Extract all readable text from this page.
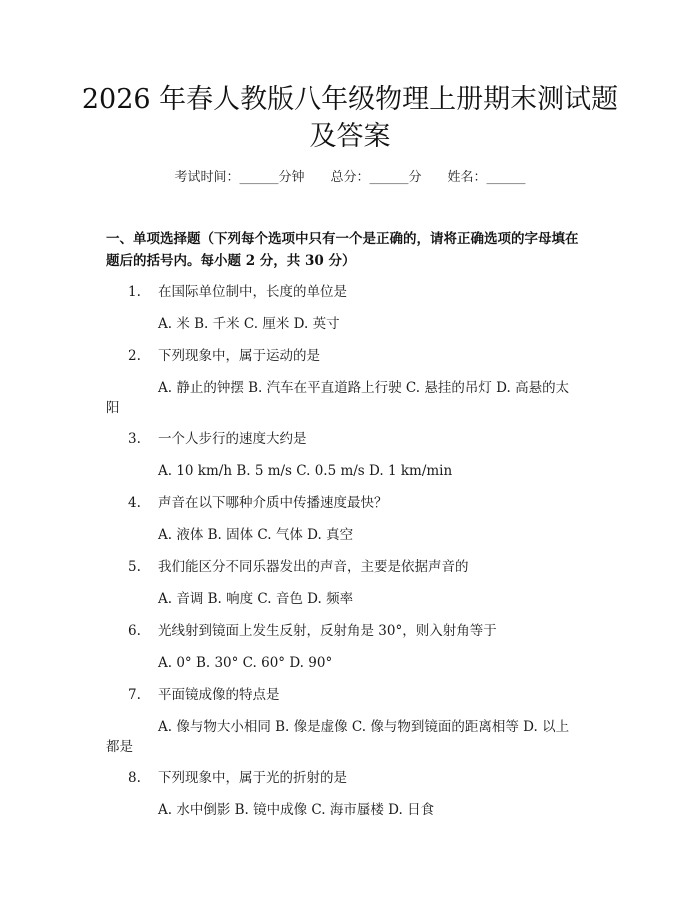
2026 年春人教版八年级物理上册期末测试题
及答案
考试时间：______分钟 总分：______分 姓名：______
一、单项选择题（下列每个选项中只有一个是正确的，请将正确选项的字母填在
题后的括号内。每小题 2 分，共 30 分）
1. 在国际单位制中，长度的单位是
A. 米 B. 千米 C. 厘米 D. 英寸
2. 下列现象中，属于运动的是
A. 静止的钟摆 B. 汽车在平直道路上行驶 C. 悬挂的吊灯 D. 高悬的太
阳
3. 一个人步行的速度大约是
A. 10 km/h B. 5 m/s C. 0.5 m/s D. 1 km/min
4. 声音在以下哪种介质中传播速度最快？
A. 液体 B. 固体 C. 气体 D. 真空
5. 我们能区分不同乐器发出的声音，主要是依据声音的
A. 音调 B. 响度 C. 音色 D. 频率
6. 光线射到镜面上发生反射，反射角是 30°，则入射角等于
A. 0° B. 30° C. 60° D. 90°
7. 平面镜成像的特点是
A. 像与物大小相同 B. 像是虚像 C. 像与物到镜面的距离相等 D. 以上
都是
8. 下列现象中，属于光的折射的是
A. 水中倒影 B. 镜中成像 C. 海市蜃楼 D. 日食
